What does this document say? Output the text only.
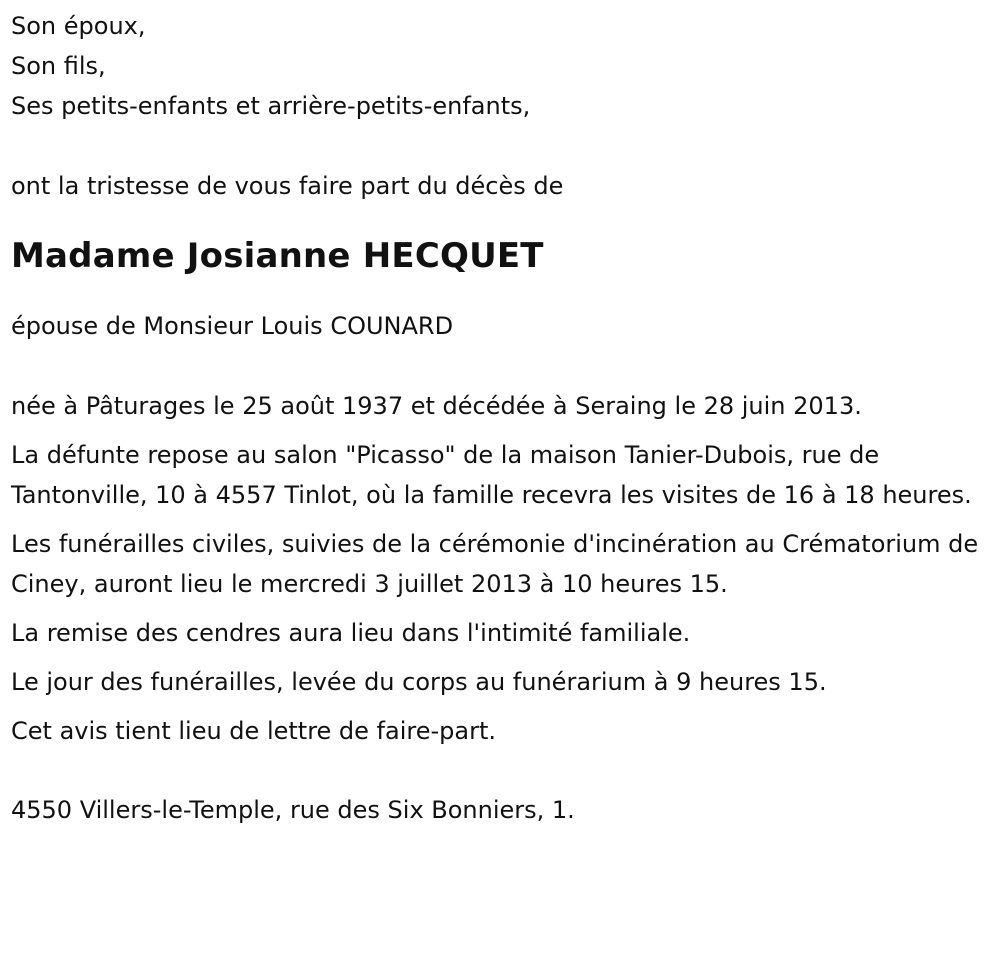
Son époux,

Son fils,

Ses petits-enfants et arrière-petits-enfants,

ont la tristesse de vous faire part du décès de

Madame Josianne HECQUET

épouse de Monsieur Louis COUNARD

née à Pâturages le 25 août 1937 et décédée à Seraing le 28 juin 2013.

La défunte repose au salon "Picasso" de la maison Tanier-Dubois, rue de Tantonville, 10 à 4557 Tinlot, où la famille recevra les visites de 16 à 18 heures.

Les funérailles civiles, suivies de la cérémonie d'incinération au Crématorium de Ciney, auront lieu le mercredi 3 juillet 2013 à 10 heures 15.

La remise des cendres aura lieu dans l'intimité familiale.

Le jour des funérailles, levée du corps au funérarium à 9 heures 15.

Cet avis tient lieu de lettre de faire-part.

4550 Villers-le-Temple, rue des Six Bonniers, 1.
